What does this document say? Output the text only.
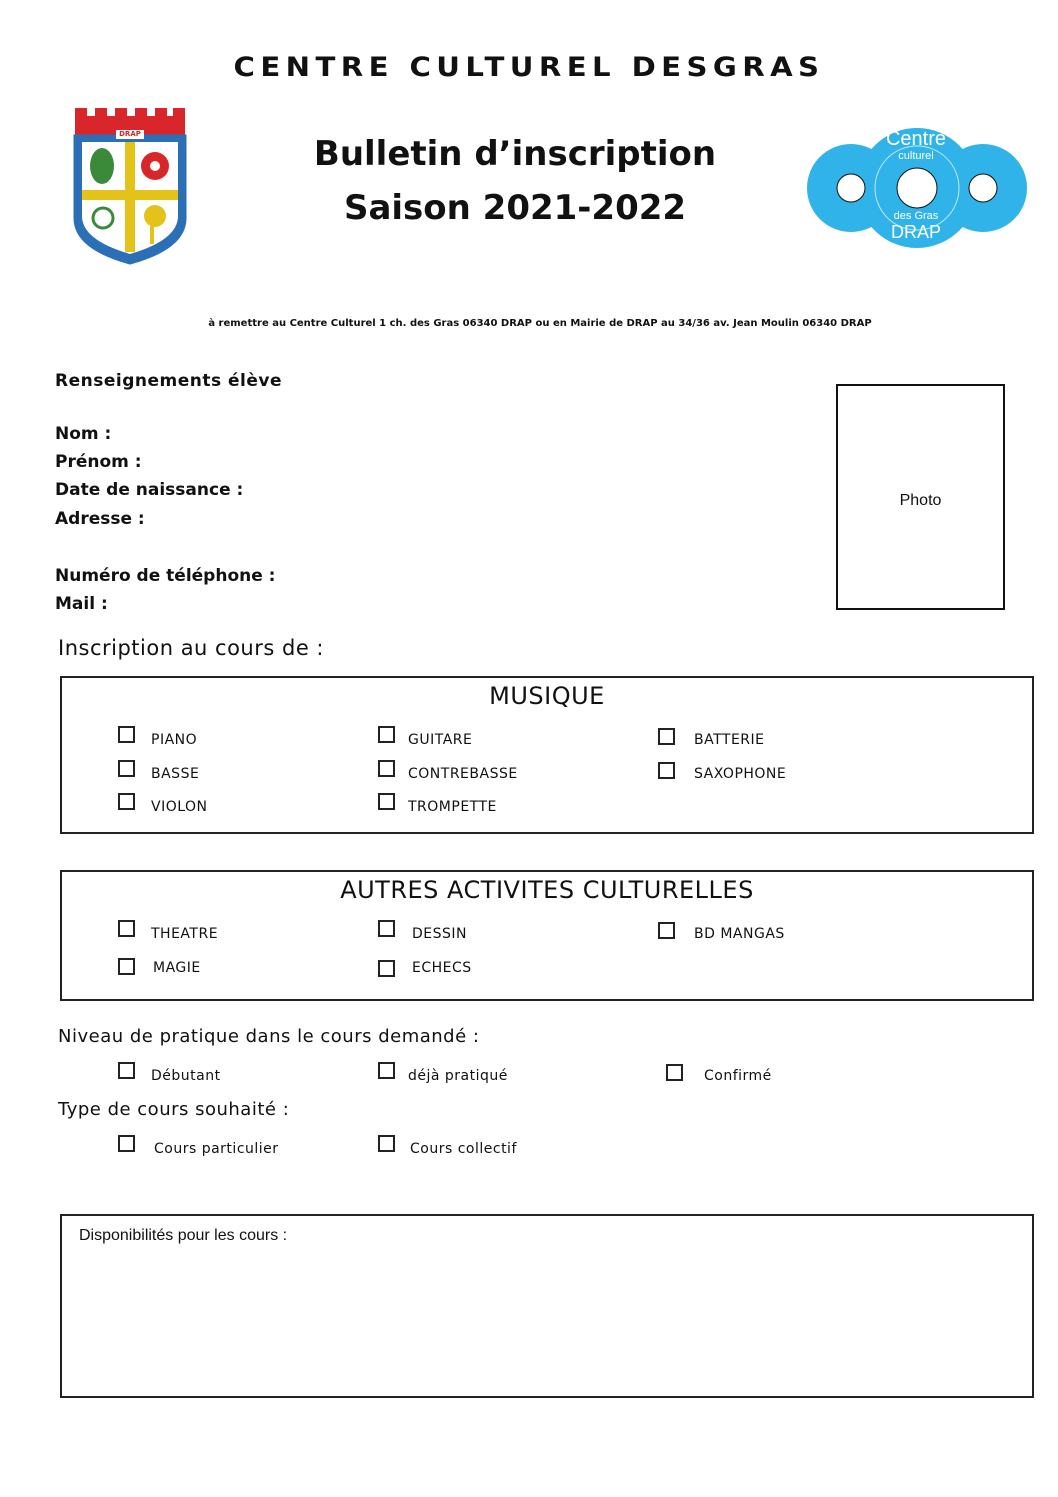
CENTRE CULTUREL DESGRAS
DRAP	Bulletin d’inscription
Saison 2021-2022
Centre
culturel
des Gras
DRAP
à remettre au Centre Culturel 1 ch. des Gras 06340 DRAP ou en Mairie de DRAP au 34/36 av. Jean Moulin 06340 DRAP
Renseignements élève
Nom :
Prénom :
Date de naissance :
Adresse :
Numéro de téléphone :
Mail :
Photo
Inscription au cours de :
MUSIQUE
PIANO	GUITARE	BATTERIE
BASSE	CONTREBASSE	SAXOPHONE
VIOLON	TROMPETTE
AUTRES ACTIVITES CULTURELLES
THEATRE	DESSIN	BD MANGAS
MAGIE	ECHECS
Niveau de pratique dans le cours demandé :
Débutant	déjà pratiqué	Confirmé
Type de cours souhaité :
Cours particulier	Cours collectif
Disponibilités pour les cours :
